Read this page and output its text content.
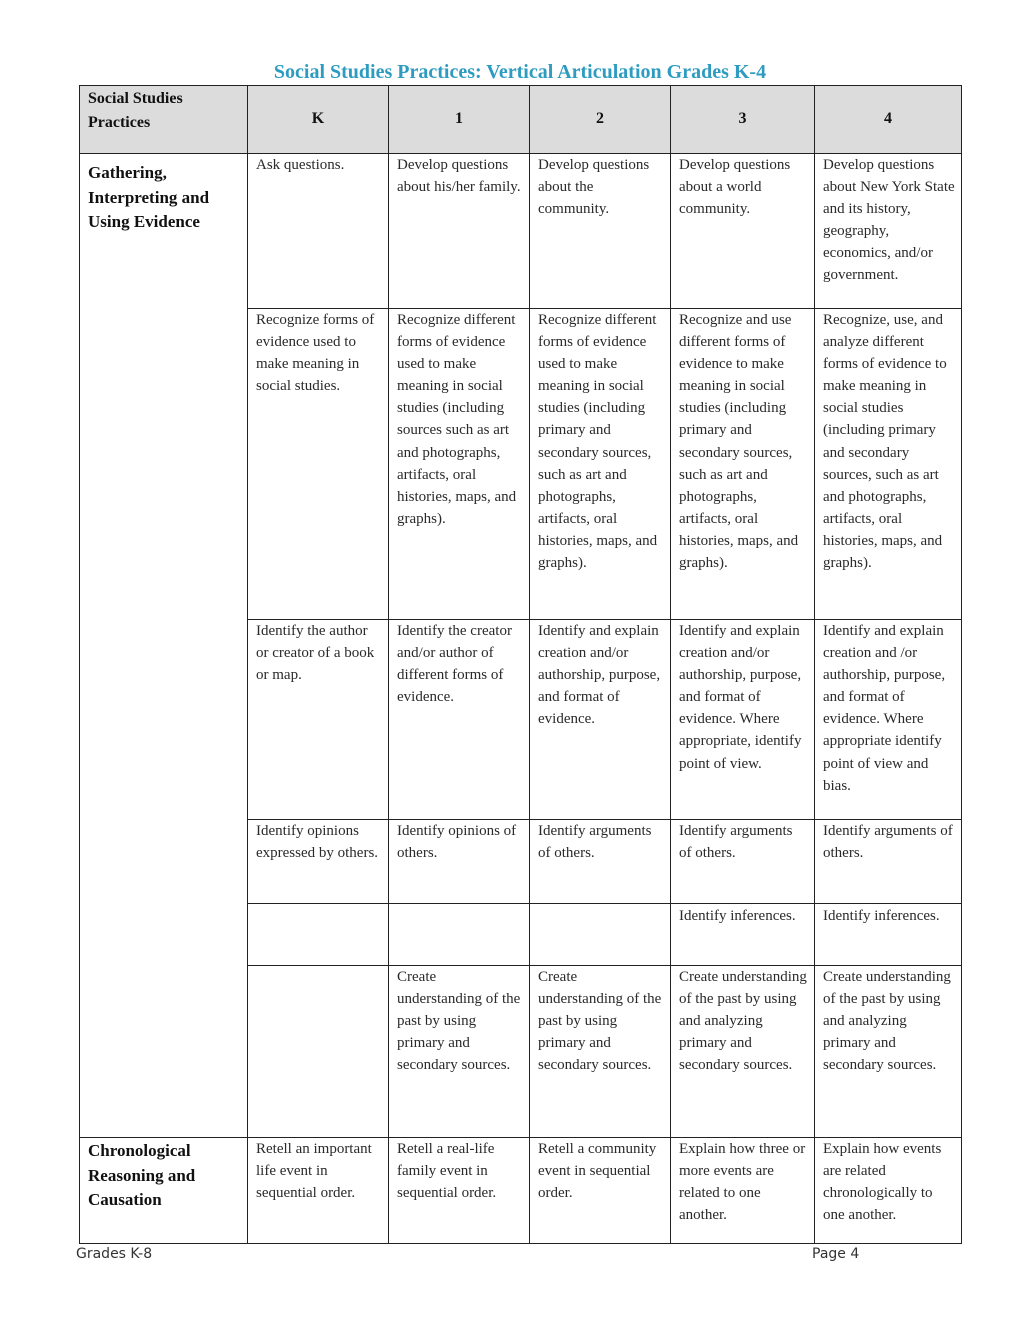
Social Studies Practices: Vertical Articulation Grades K-4
Social Studies Practices	K	1	2	3	4
Gathering, Interpreting and Using Evidence	Ask questions.	Develop questions about his/her family.	Develop questions about the community.	Develop questions about a world community.	Develop questions about New York State and its history, geography, economics, and/or government.
	Recognize forms of evidence used to make meaning in social studies.	Recognize different forms of evidence used to make meaning in social studies (including sources such as art and photographs, artifacts, oral histories, maps, and graphs).	Recognize different forms of evidence used to make meaning in social studies (including primary and secondary sources, such as art and photographs, artifacts, oral histories, maps, and graphs).	Recognize and use different forms of evidence to make meaning in social studies (including primary and secondary sources, such as art and photographs, artifacts, oral histories, maps, and graphs).	Recognize, use, and analyze different forms of evidence to make meaning in social studies (including primary and secondary sources, such as art and photographs, artifacts, oral histories, maps, and graphs).
	Identify the author or creator of a book or map.	Identify the creator and/or author of different forms of evidence.	Identify and explain creation and/or authorship, purpose, and format of evidence.	Identify and explain creation and/or authorship, purpose, and format of evidence. Where appropriate, identify point of view.	Identify and explain creation and /or authorship, purpose, and format of evidence. Where appropriate identify point of view and bias.
	Identify opinions expressed by others.	Identify opinions of others.	Identify arguments of others.	Identify arguments of others.	Identify arguments of others.
				Identify inferences.	Identify inferences.
		Create understanding of the past by using primary and secondary sources.	Create understanding of the past by using primary and secondary sources.	Create understanding of the past by using and analyzing primary and secondary sources.	Create understanding of the past by using and analyzing primary and secondary sources.
Chronological Reasoning and Causation	Retell an important life event in sequential order.	Retell a real-life family event in sequential order.	Retell a community event in sequential order.	Explain how three or more events are related to one another.	Explain how events are related chronologically to one another.
Grades K-8	Page 4
